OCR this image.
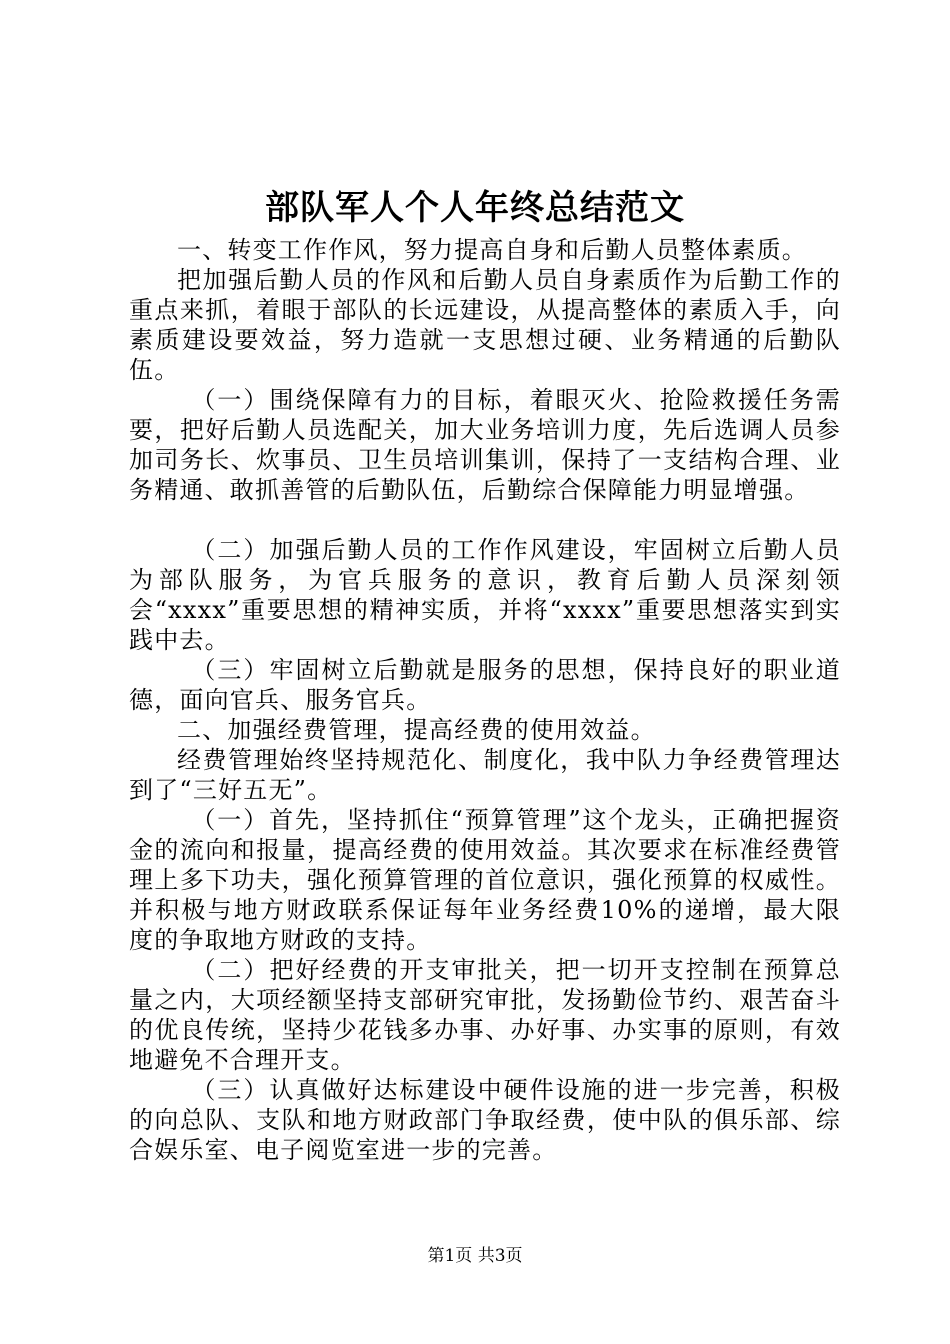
部队军人个人年终总结范文

一、转变工作作风，努力提高自身和后勤人员整体素质。

把加强后勤人员的作风和后勤人员自身素质作为后勤工作的重点来抓，着眼于部队的长远建设，从提高整体的素质入手，向素质建设要效益，努力造就一支思想过硬、业务精通的后勤队伍。

（一）围绕保障有力的目标，着眼灭火、抢险救援任务需要，把好后勤人员选配关，加大业务培训力度，先后选调人员参加司务长、炊事员、卫生员培训集训，保持了一支结构合理、业务精通、敢抓善管的后勤队伍，后勤综合保障能力明显增强。

（二）加强后勤人员的工作作风建设，牢固树立后勤人员为部队服务，为官兵服务的意识，教育后勤人员深刻领会“xxxx”重要思想的精神实质，并将“xxxx”重要思想落实到实践中去。

（三）牢固树立后勤就是服务的思想，保持良好的职业道德，面向官兵、服务官兵。

二、加强经费管理，提高经费的使用效益。

经费管理始终坚持规范化、制度化，我中队力争经费管理达到了“三好五无”。

（一）首先，坚持抓住“预算管理”这个龙头，正确把握资金的流向和报量，提高经费的使用效益。其次要求在标准经费管理上多下功夫，强化预算管理的首位意识，强化预算的权威性。并积极与地方财政联系保证每年业务经费10%的递增，最大限度的争取地方财政的支持。

（二）把好经费的开支审批关，把一切开支控制在预算总量之内，大项经额坚持支部研究审批，发扬勤俭节约、艰苦奋斗的优良传统，坚持少花钱多办事、办好事、办实事的原则，有效地避免不合理开支。

（三）认真做好达标建设中硬件设施的进一步完善，积极的向总队、支队和地方财政部门争取经费，使中队的俱乐部、综合娱乐室、电子阅览室进一步的完善。

第1页 共3页
